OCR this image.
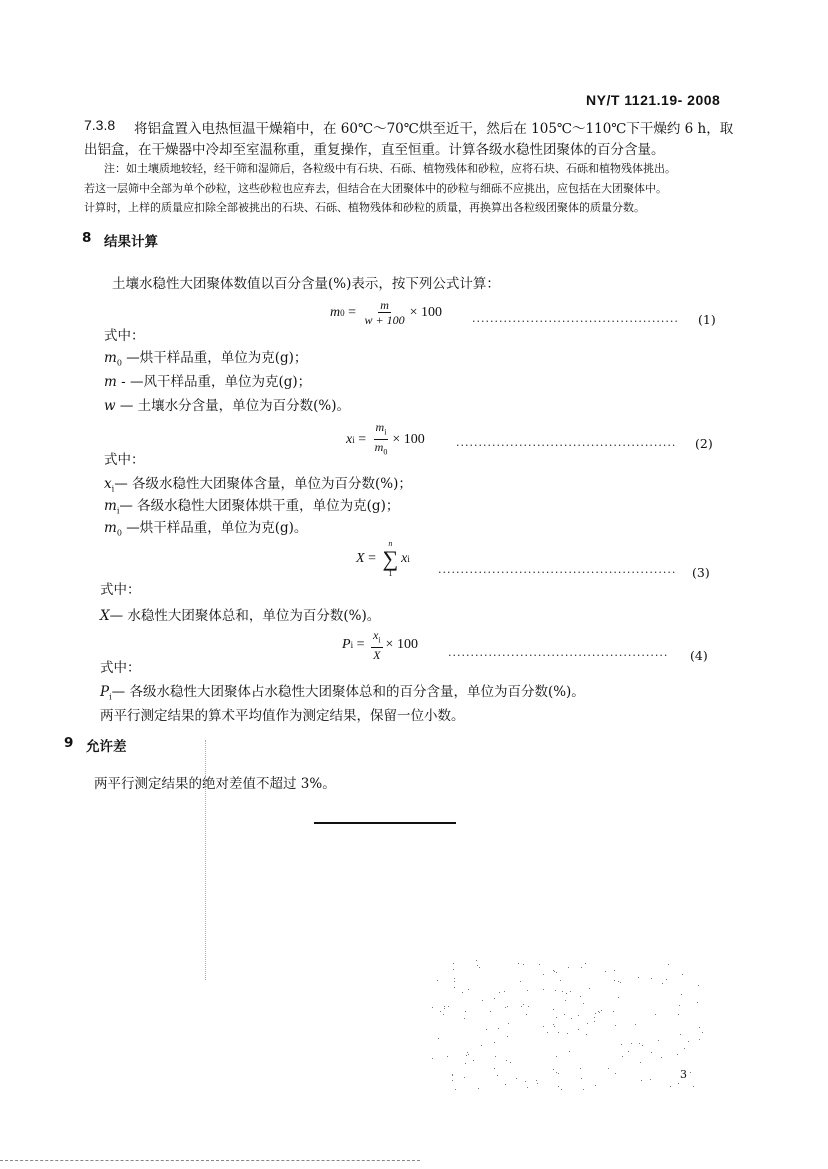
NY/T 1121.19- 2008
7.3.8 将铝盒置入电热恒温干燥箱中，在 60℃～70℃烘至近干，然后在 105℃～110℃下干燥约 6 h，取
出铝盒，在干燥器中冷却至室温称重，重复操作，直至恒重。计算各级水稳性团聚体的百分含量。
注：如土壤质地较轻，经干筛和湿筛后，各粒级中有石块、石砾、植物残体和砂粒，应将石块、石砾和植物残体挑出。
若这一层筛中全部为单个砂粒，这些砂粒也应弃去，但结合在大团聚体中的砂粒与细砾不应挑出，应包括在大团聚体中。
计算时，上样的质量应扣除全部被挑出的石块、石砾、植物残体和砂粒的质量，再换算出各粒级团聚体的质量分数。
8 结果计算
土壤水稳性大团聚体数值以百分含量(%)表示，按下列公式计算：
m $0 = \frac{m}{w + 100} \times 100$	.............................................. (1)
式中：
$m_0$ —烘干样品重，单位为克(g)；
m - —风干样品重，单位为克(g)；
w — 土壤水分含量，单位为百分数(%)。
x $i = \frac{m_i}{m_0} \times 100$	................................................. (2)
式中：
$x_i—$ 各级水稳性大团聚体含量，单位为百分数(%)；
$m_i—$ 各级水稳性大团聚体烘干重，单位为克(g)；
$m_0$ —烘干样品重，单位为克(g)。
X =
n
∑
1
x i
..................................................... (3)
式中：
X— 水稳性大团聚体总和，单位为百分数(%)。
P $i = \frac{x_i}{X} \times 100$
................................................. (4)
式中：
$P_i—$ 各级水稳性大团聚体占水稳性大团聚体总和的百分含量，单位为百分数(%)。
两平行测定结果的算术平均值作为测定结果，保留一位小数。
9 允许差
两平行测定结果的绝对差值不超过 3%。
3
